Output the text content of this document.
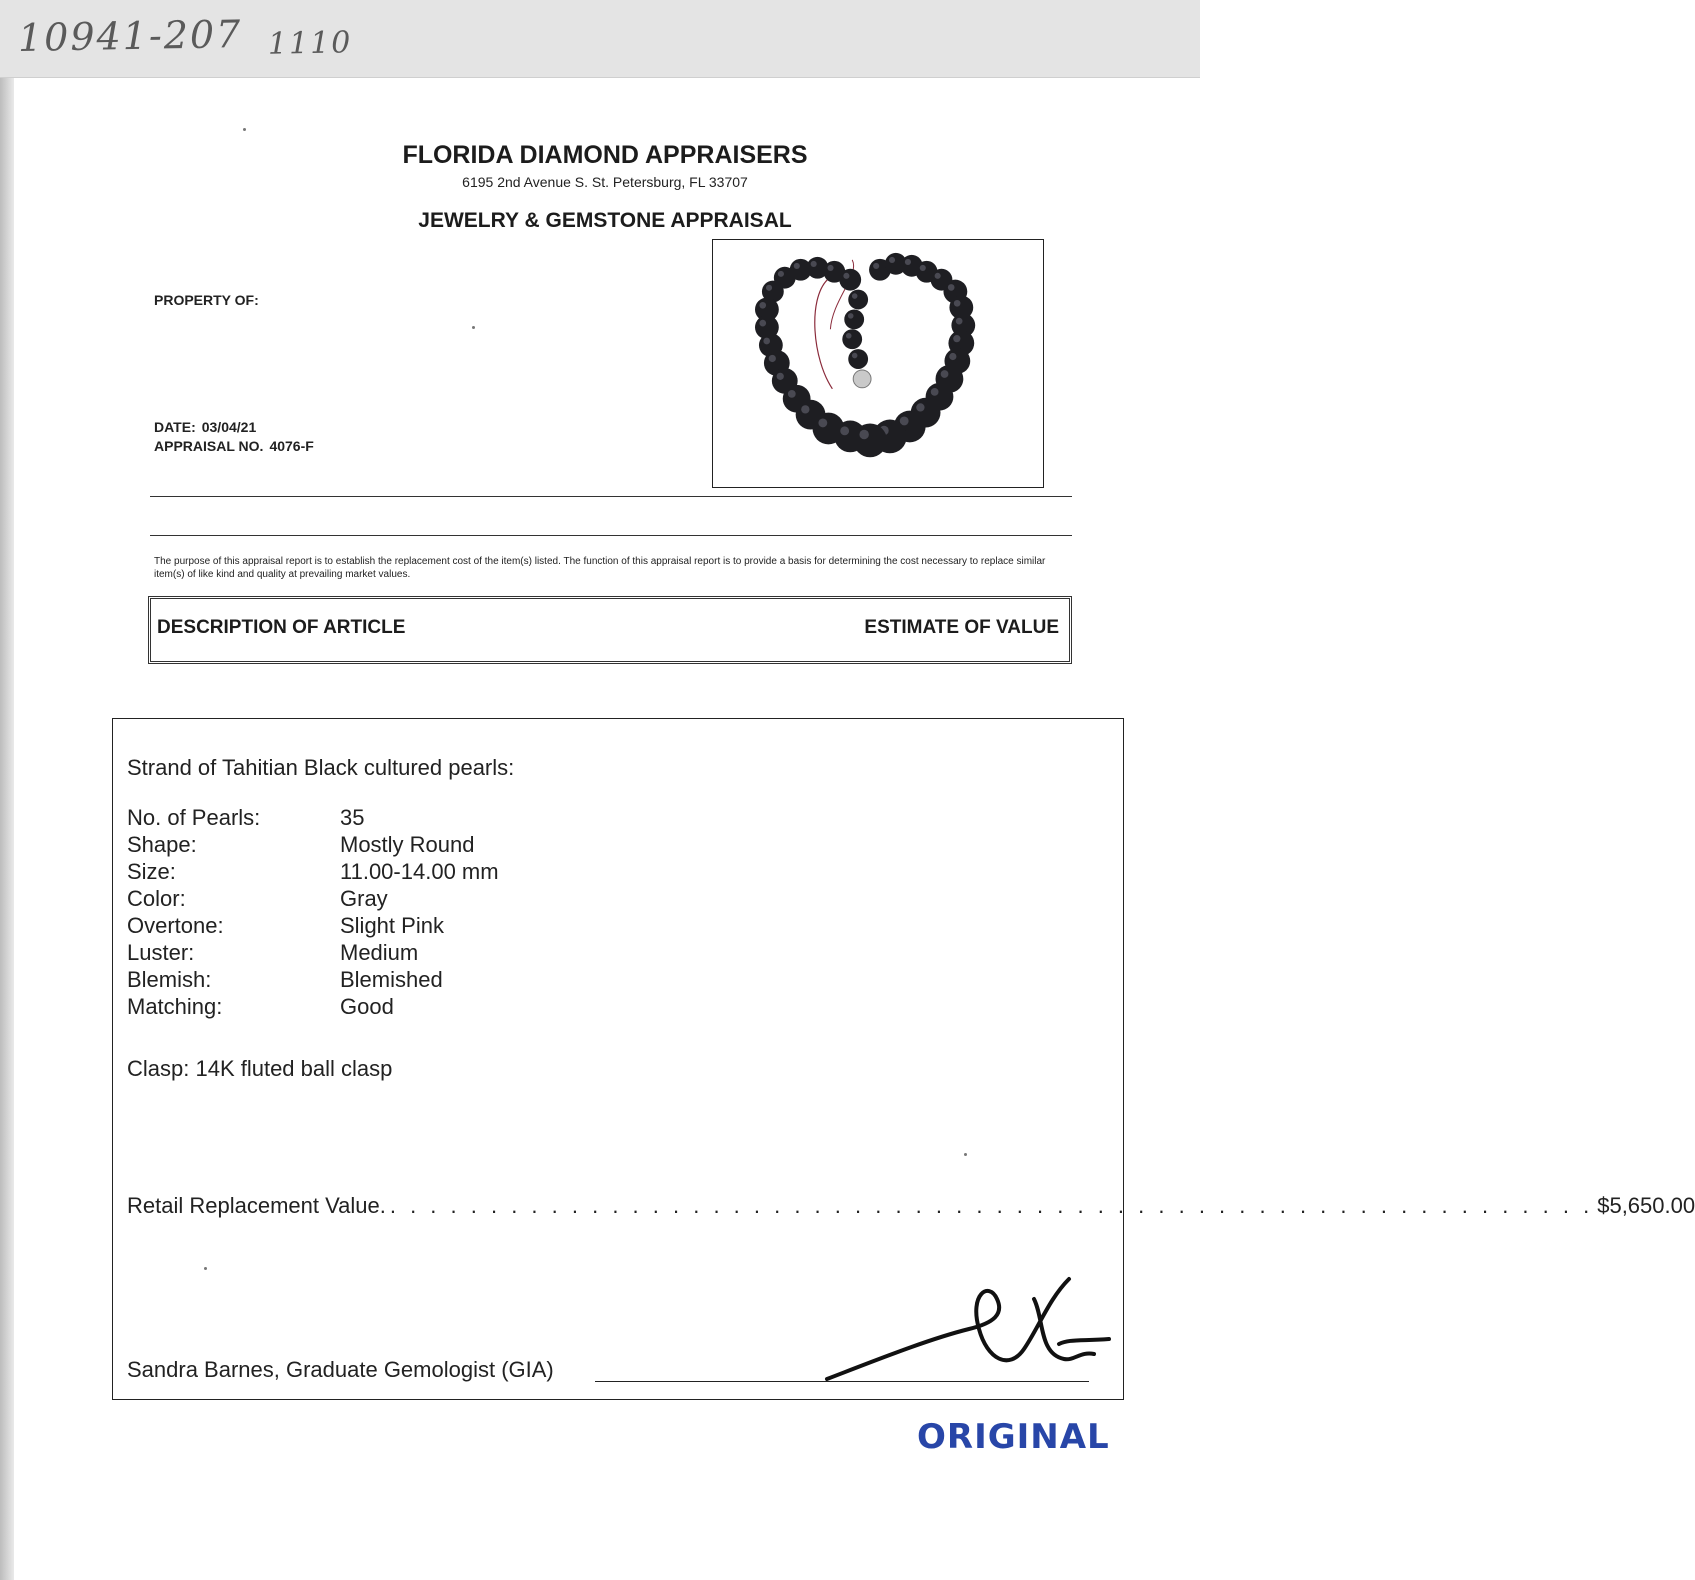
10941-207 1110
FLORIDA DIAMOND APPRAISERS
6195 2nd Avenue S. St. Petersburg, FL 33707
JEWELRY & GEMSTONE APPRAISAL
PROPERTY OF:
DATE: 03/04/21
APPRAISAL NO. 4076-F
The purpose of this appraisal report is to establish the replacement cost of the item(s) listed. The function of this appraisal report is to provide a basis for determining the cost necessary to replace similar item(s) of like kind and quality at prevailing market values.
DESCRIPTION OF ARTICLE	ESTIMATE OF VALUE
Strand of Tahitian Black cultured pearls:
No. of Pearls:	35
Shape:	Mostly Round
Size:	11.00-14.00 mm
Color:	Gray
Overtone:	Slight Pink
Luster:	Medium
Blemish:	Blemished
Matching:	Good
Clasp: 14K fluted ball clasp
Retail Replacement Value. . . . . . . . . . . . . . . . . . . . . . . . . . . . . . . . . . . . . . . . . . . . . . . . . . . . . . . . . . . . . $5,650.00
Sandra Barnes, Graduate Gemologist (GIA)
ORIGINAL
